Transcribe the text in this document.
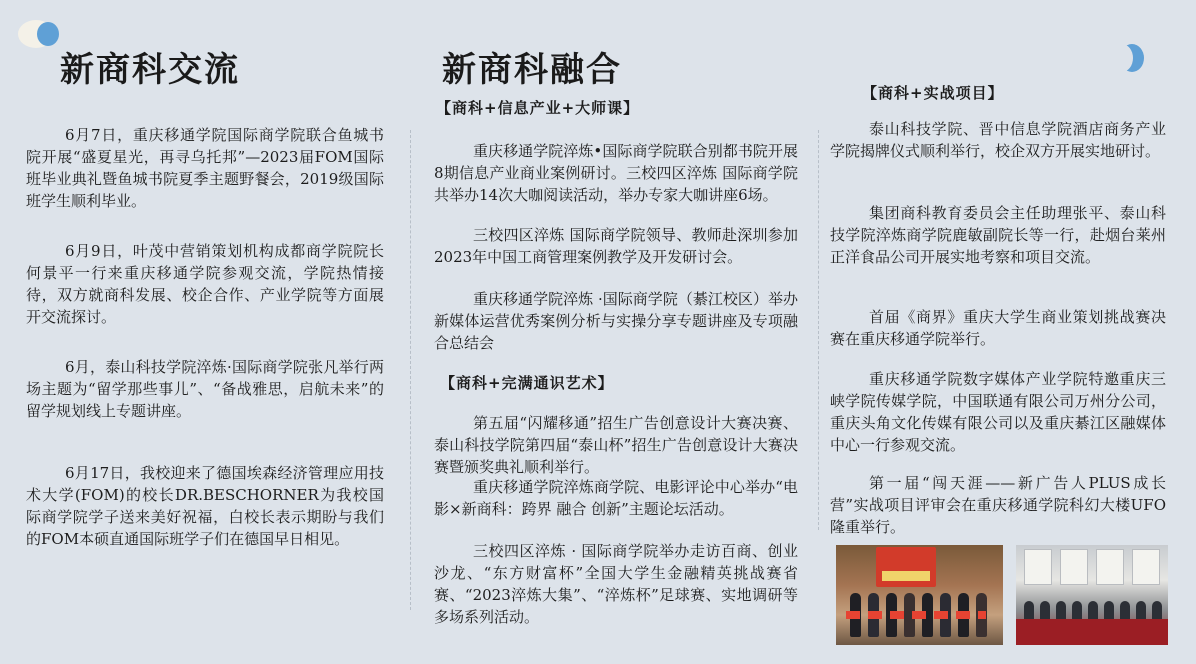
新商科交流	新商科融合

6月7日，重庆移通学院国际商学院联合鱼城书院开展“盛夏星光，再寻乌托邦”—2023届FOM国际班毕业典礼暨鱼城书院夏季主题野餐会，2019级国际班学生顺利毕业。

6月9日，叶茂中营销策划机构成都商学院院长何景平一行来重庆移通学院参观交流，学院热情接待，双方就商科发展、校企合作、产业学院等方面展开交流探讨。

6月，泰山科技学院淬炼·国际商学院张凡举行两场主题为“留学那些事儿”、“备战雅思，启航未来”的留学规划线上专题讲座。

6月17日，我校迎来了德国埃森经济管理应用技术大学(FOM)的校长DR.BESCHORNER为我校国际商学院学子送来美好祝福，白校长表示期盼与我们的FOM本硕直通国际班学子们在德国早日相见。

【商科+信息产业+大师课】

重庆移通学院淬炼•国际商学院联合别都书院开展8期信息产业商业案例研讨。三校四区淬炼 国际商学院共举办14次大咖阅读活动，举办专家大咖讲座6场。

三校四区淬炼 国际商学院领导、教师赴深圳参加2023年中国工商管理案例教学及开发研讨会。

重庆移通学院淬炼 ·国际商学院（綦江校区）举办新媒体运营优秀案例分析与实操分享专题讲座及专项融合总结会

【商科+完满通识艺术】

第五届“闪耀移通”招生广告创意设计大赛决赛、泰山科技学院第四届“泰山杯”招生广告创意设计大赛决赛暨颁奖典礼顺利举行。

重庆移通学院淬炼商学院、电影评论中心举办“电影×新商科：跨界 融合 创新”主题论坛活动。

三校四区淬炼 · 国际商学院举办走访百商、创业沙龙、“东方财富杯”全国大学生金融精英挑战赛省赛、“2023淬炼大集”、“淬炼杯”足球赛、实地调研等多场系列活动。

【商科+实战项目】

泰山科技学院、晋中信息学院酒店商务产业学院揭牌仪式顺利举行，校企双方开展实地研讨。

集团商科教育委员会主任助理张平、泰山科技学院淬炼商学院鹿敏副院长等一行，赴烟台莱州正洋食品公司开展实地考察和项目交流。

首届《商界》重庆大学生商业策划挑战赛决赛在重庆移通学院举行。

重庆移通学院数字媒体产业学院特邀重庆三峡学院传媒学院，中国联通有限公司万州分公司，重庆头角文化传媒有限公司以及重庆綦江区融媒体中心一行参观交流。

第一届“闯天涯——新广告人PLUS成长营”实战项目评审会在重庆移通学院科幻大楼UFO隆重举行。
